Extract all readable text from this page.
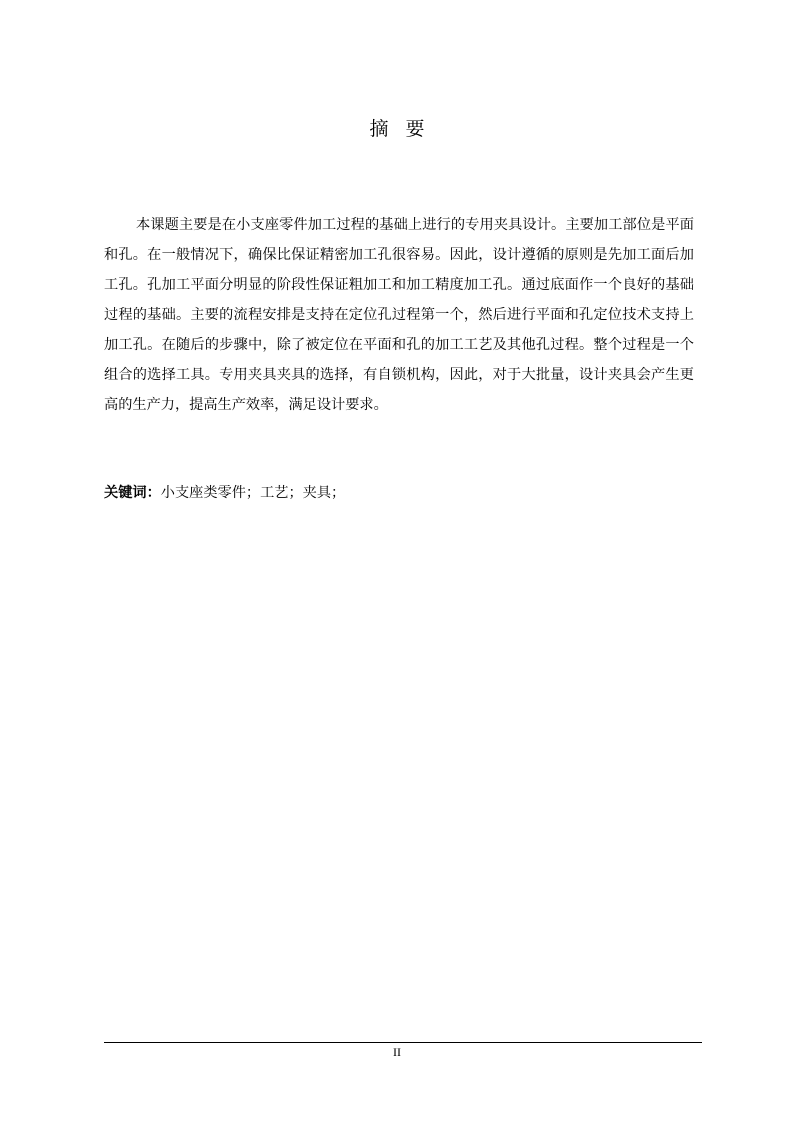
摘要

本课题主要是在小支座零件加工过程的基础上进行的专用夹具设计。主要加工部位是平面和孔。在一般情况下，确保比保证精密加工孔很容易。因此，设计遵循的原则是先加工面后加工孔。孔加工平面分明显的阶段性保证粗加工和加工精度加工孔。通过底面作一个良好的基础过程的基础。主要的流程安排是支持在定位孔过程第一个，然后进行平面和孔定位技术支持上加工孔。在随后的步骤中，除了被定位在平面和孔的加工工艺及其他孔过程。整个过程是一个组合的选择工具。专用夹具夹具的选择，有自锁机构，因此，对于大批量，设计夹具会产生更高的生产力，提高生产效率，满足设计要求。

关键词：小支座类零件；工艺；夹具；
II
